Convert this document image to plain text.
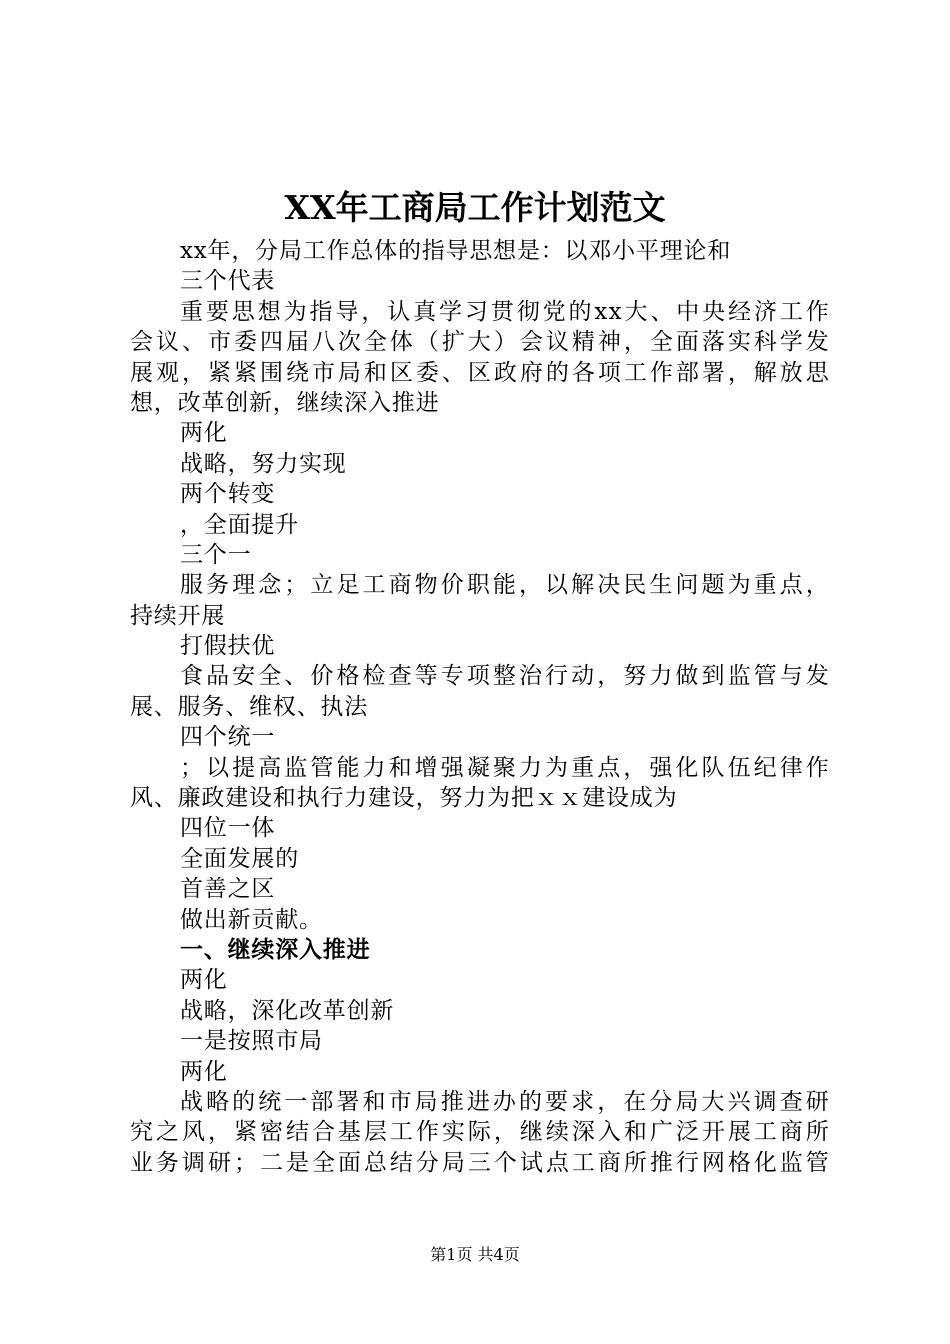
XX年工商局工作计划范文
xx年，分局工作总体的指导思想是：以邓小平理论和
三个代表
重要思想为指导，认真学习贯彻党的xx大、中央经济工作
会议、市委四届八次全体（扩大）会议精神，全面落实科学发
展观，紧紧围绕市局和区委、区政府的各项工作部署，解放思
想，改革创新，继续深入推进
两化
战略，努力实现
两个转变
，全面提升
三个一
服务理念；立足工商物价职能，以解决民生问题为重点，
持续开展
打假扶优
食品安全、价格检查等专项整治行动，努力做到监管与发
展、服务、维权、执法
四个统一
；以提高监管能力和增强凝聚力为重点，强化队伍纪律作
风、廉政建设和执行力建设，努力为把ｘｘ建设成为
四位一体
全面发展的
首善之区
做出新贡献。
一、继续深入推进
两化
战略，深化改革创新
一是按照市局
两化
战略的统一部署和市局推进办的要求，在分局大兴调查研
究之风，紧密结合基层工作实际，继续深入和广泛开展工商所
业务调研；二是全面总结分局三个试点工商所推行网格化监管
第1页 共4页
